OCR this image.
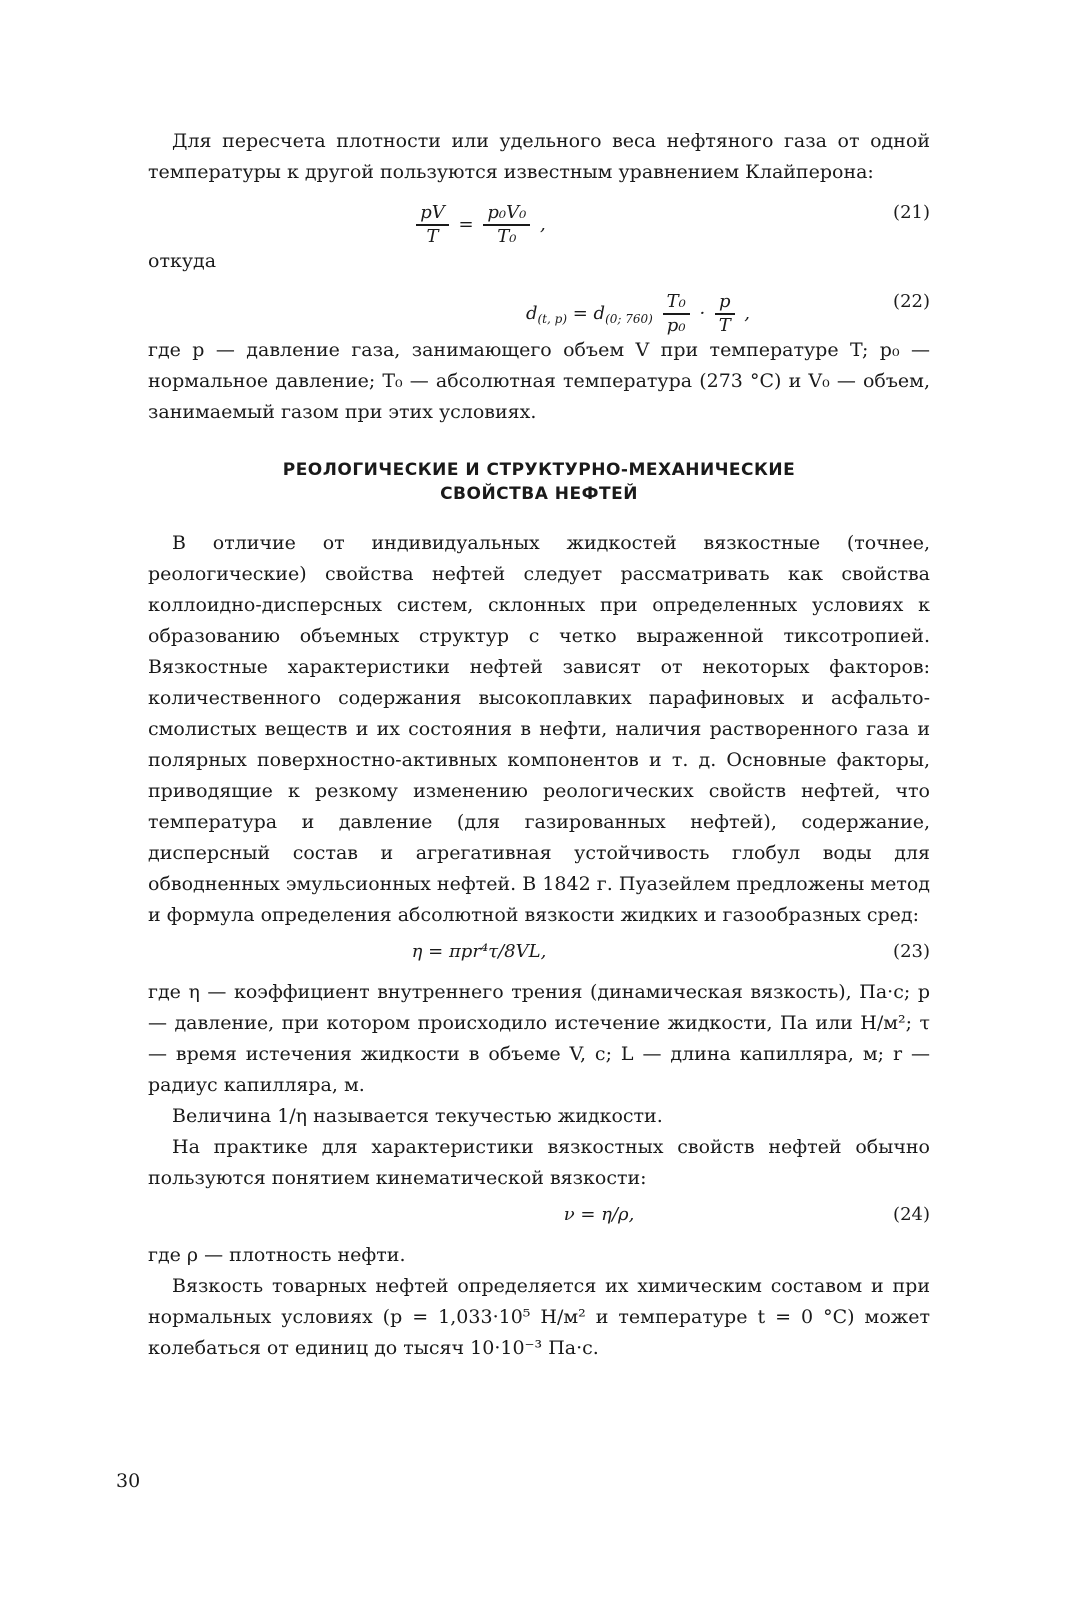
Для пересчета плотности или удельного веса нефтяного газа от одной температуры к другой пользуются известным уравнением Клайперона:

$\frac{pV}{T} = \frac{\text{p₀V₀}}{\text{T₀}}$ ,
(21)

откуда

$d_{(t, p)} = d_{(0; 760)} \frac{\text{T₀}}{\text{p₀}} \cdot \frac{p}{T}$ ,
(22)

где p — давление газа, занимающего объем V при температуре T; p₀ — нормальное давление; T₀ — абсолютная температура (273 °С) и V₀ — объем, занимаемый газом при этих условиях.

РЕОЛОГИЧЕСКИЕ И СТРУКТУРНО-МЕХАНИЧЕСКИЕ
СВОЙСТВА НЕФТЕЙ

В отличие от индивидуальных жидкостей вязкостные (точнее, реологические) свойства нефтей следует рассматривать как свойства коллоидно-дисперсных систем, склонных при определенных условиях к образованию объемных структур с четко выраженной тиксотропией. Вязкостные характеристики нефтей зависят от некоторых факторов: количественного содержания высокоплавких парафиновых и асфальто-смолистых веществ и их состояния в нефти, наличия растворенного газа и полярных поверхностно-активных компонентов и т. д. Основные факторы, приводящие к резкому изменению реологических свойств нефтей, что температура и давление (для газированных нефтей), содержание, дисперсный состав и агрегативная устойчивость глобул воды для обводненных эмульсионных нефтей. В 1842 г. Пуазейлем предложены метод и формула определения абсолютной вязкости жидких и газообразных сред:

η = πpr⁴τ/8VL,	(23)

где η — коэффициент внутреннего трения (динамическая вязкость), Па·с; p — давление, при котором происходило истечение жидкости, Па или Н/м²; τ — время истечения жидкости в объеме V, с; L — длина капилляра, м; r — радиус капилляра, м.

Величина 1/η называется текучестью жидкости.

На практике для характеристики вязкостных свойств нефтей обычно пользуются понятием кинематической вязкости:

ν = η/ρ,	(24)

где ρ — плотность нефти.

Вязкость товарных нефтей определяется их химическим составом и при нормальных условиях (p = 1,033·10⁵ Н/м² и температуре t = 0 °С) может колебаться от единиц до тысяч 10·10⁻³ Па·с.

30
